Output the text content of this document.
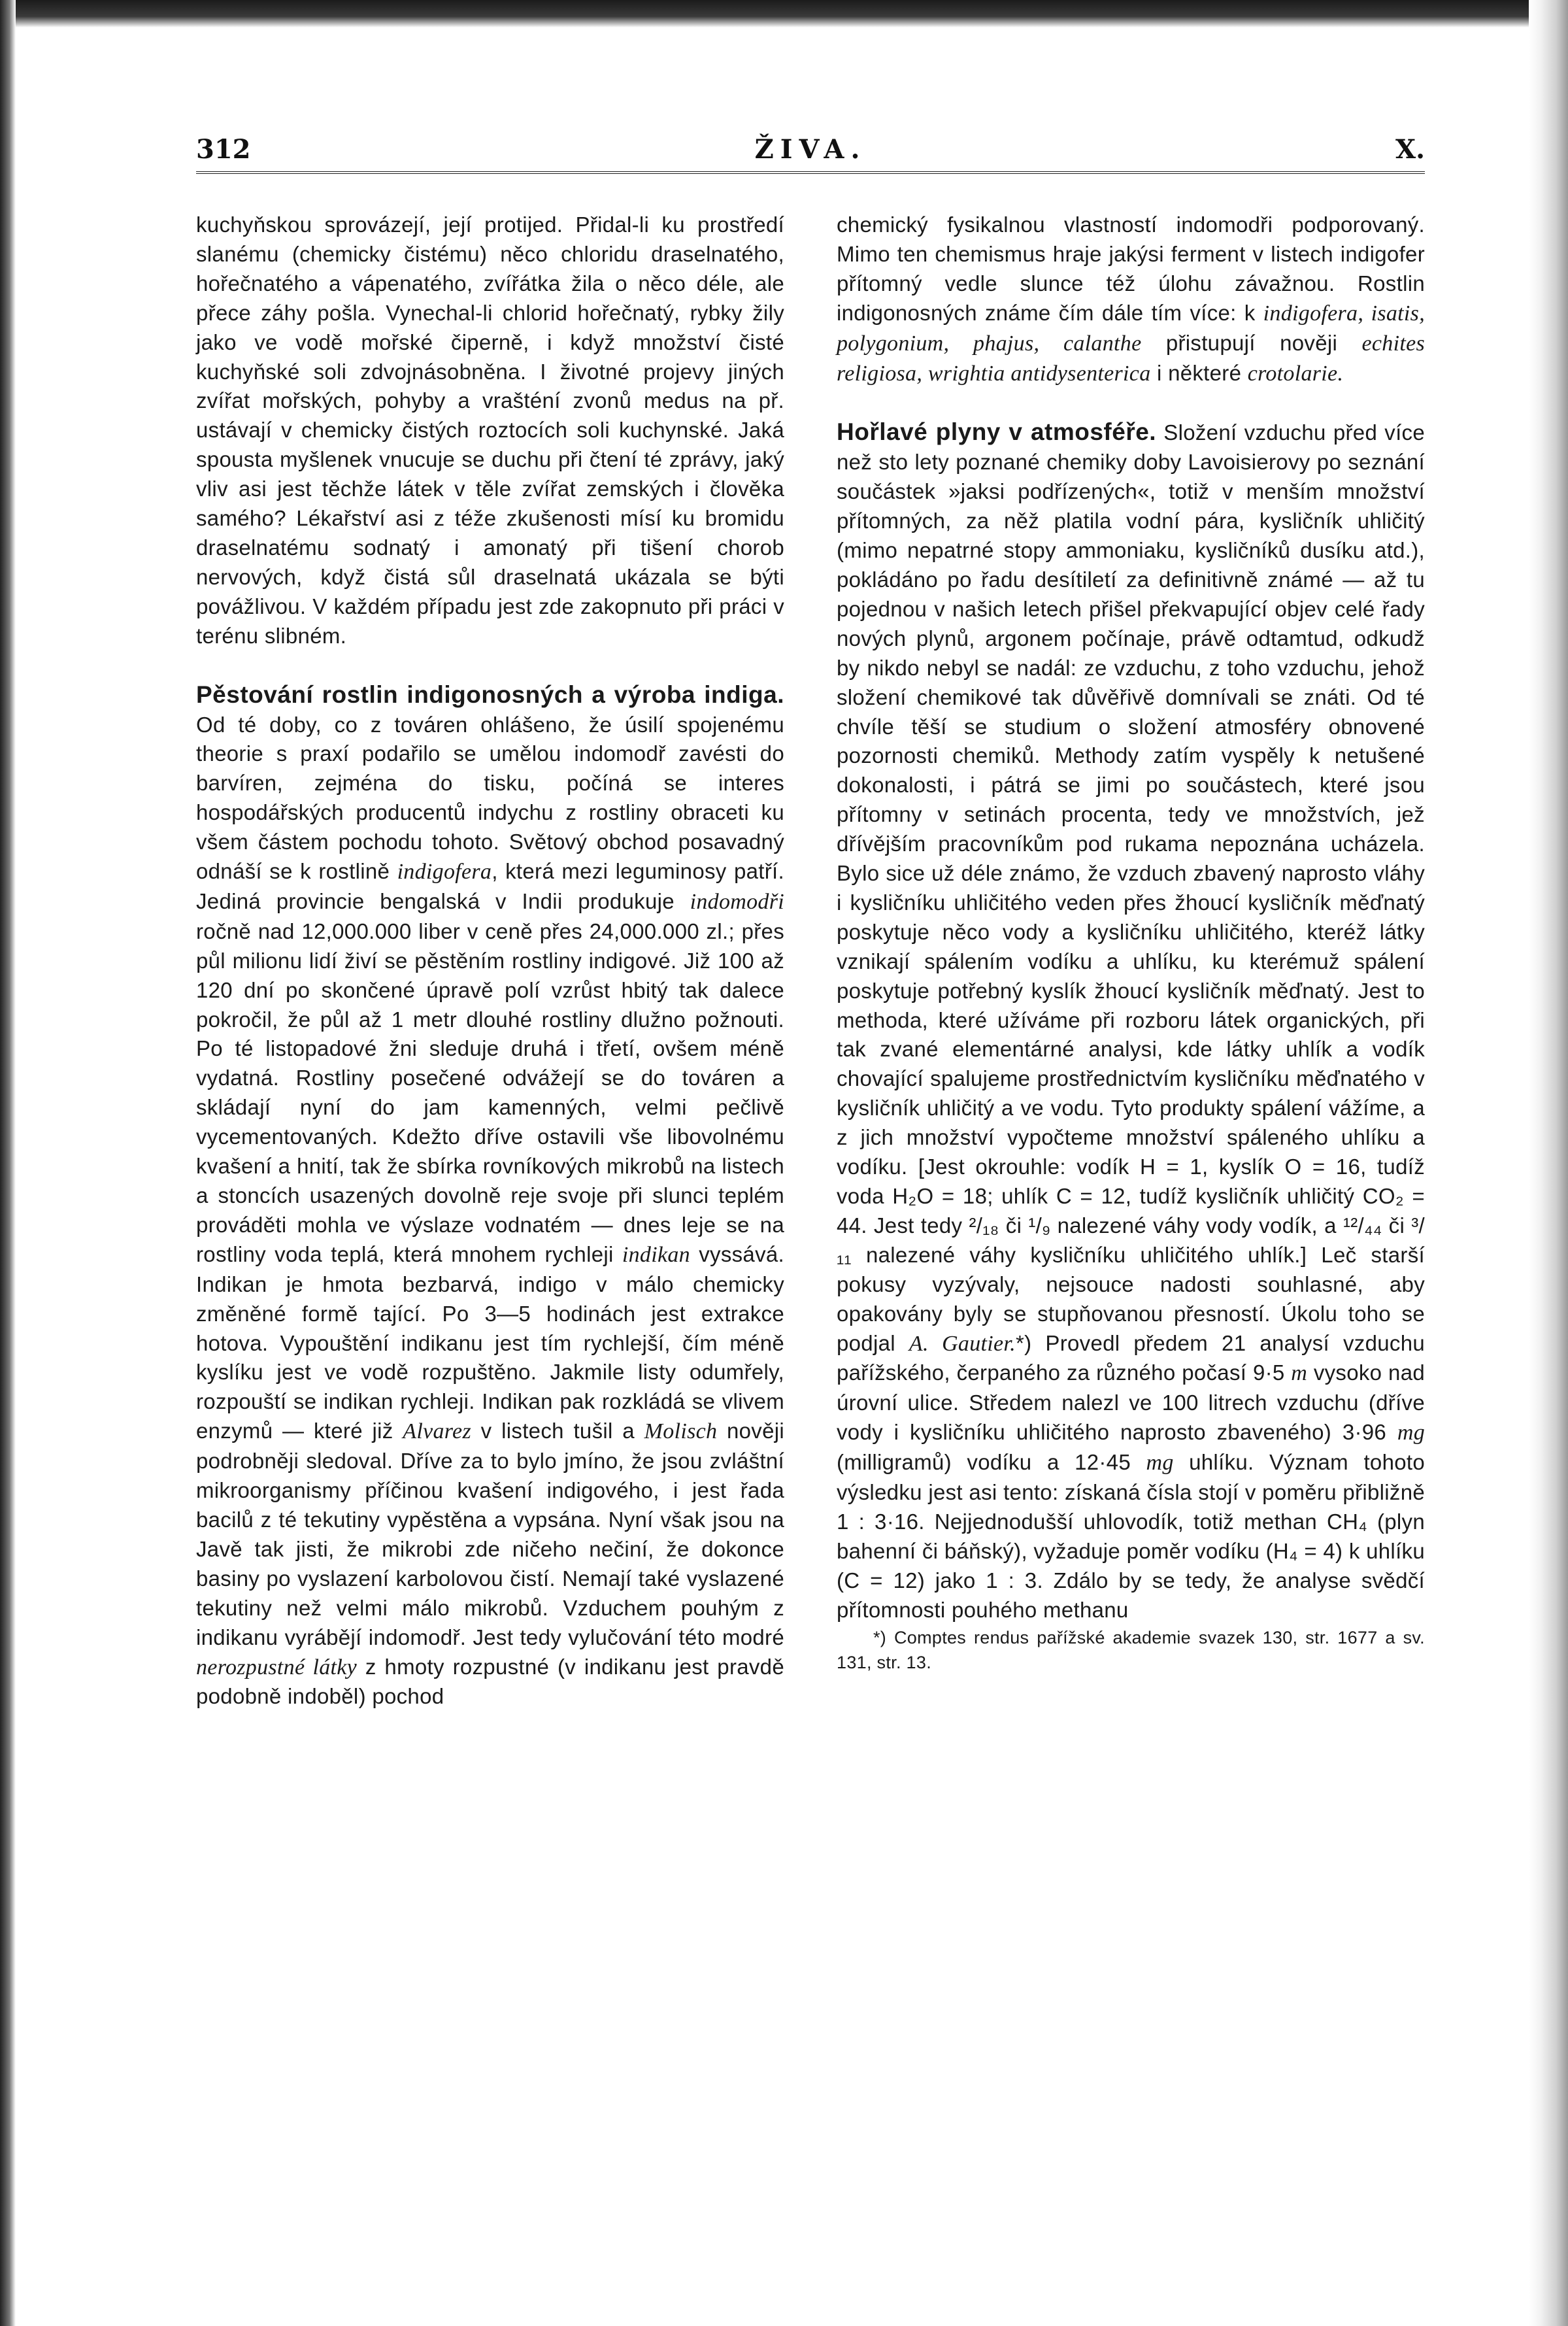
312	ŽIVA.	X.

kuchyňskou sprovázejí, její protijed. Přidal-li ku prostředí slanému (chemicky čistému) něco chloridu draselnatého, hořečnatého a vápenatého, zvířátka žila o něco déle, ale přece záhy pošla. Vynechal-li chlorid hořečnatý, rybky žily jako ve vodě mořské čiperně, i když množství čisté kuchyňské soli zdvojnásobněna. I životné projevy jiných zvířat mořských, pohyby a vrašténí zvonů medus na př. ustávají v chemicky čistých roztocích soli kuchynské. Jaká spousta myšlenek vnucuje se duchu při čtení té zprávy, jaký vliv asi jest těchže látek v těle zvířat zemských i člověka samého? Lékařství asi z téže zkušenosti mísí ku bromidu draselnatému sodnatý i amonatý při tišení chorob nervových, když čistá sůl draselnatá ukázala se býti povážlivou. V každém případu jest zde zakopnuto při práci v terénu slibném.

Pěstování rostlin indigonosných a výroba indiga. Od té doby, co z továren ohlášeno, že úsilí spojenému theorie s praxí podařilo se umělou indomodř zavésti do barvíren, zejména do tisku, počíná se interes hospodářských producentů indychu z rostliny obraceti ku všem částem pochodu tohoto. Světový obchod posavadný odnáší se k rostlině indigofera, která mezi leguminosy patří. Jediná provincie bengalská v Indii produkuje indomodři ročně nad 12,000.000 liber v ceně přes 24,000.000 zl.; přes půl milionu lidí živí se pěstěním rostliny indigové. Již 100 až 120 dní po skončené úpravě polí vzrůst hbitý tak dalece pokročil, že půl až 1 metr dlouhé rostliny dlužno požnouti. Po té listopadové žni sleduje druhá i třetí, ovšem méně vydatná. Rostliny posečené odvážejí se do továren a skládají nyní do jam kamenných, velmi pečlivě vycementovaných. Kdežto dříve ostavili vše libovolnému kvašení a hnití, tak že sbírka rovníkových mikrobů na listech a stoncích usazených dovolně reje svoje při slunci teplém prováděti mohla ve výslaze vodnatém — dnes leje se na rostliny voda teplá, která mnohem rychleji indikan vyssává. Indikan je hmota bezbarvá, indigo v málo chemicky změněné formě tající. Po 3—5 hodinách jest extrakce hotova. Vypouštění indikanu jest tím rychlejší, čím méně kyslíku jest ve vodě rozpuštěno. Jakmile listy odumřely, rozpouští se indikan rychleji. Indikan pak rozkládá se vlivem enzymů — které již Alvarez v listech tušil a Molisch nověji podrobněji sledoval. Dříve za to bylo jmíno, že jsou zvláštní mikroorganismy příčinou kvašení indigového, i jest řada bacilů z té tekutiny vypěstěna a vypsána. Nyní však jsou na Javě tak jisti, že mikrobi zde ničeho nečiní, že dokonce basiny po vyslazení karbolovou čistí. Nemají také vyslazené tekutiny než velmi málo mikrobů. Vzduchem pouhým z indikanu vyrábějí indomodř. Jest tedy vylučování této modré nerozpustné látky z hmoty rozpustné (v indikanu jest pravdě podobně indoběl) pochod

chemický fysikalnou vlastností indomodři podporovaný. Mimo ten chemismus hraje jakýsi ferment v listech indigofer přítomný vedle slunce též úlohu závažnou. Rostlin indigonosných známe čím dále tím více: k indigofera, isatis, polygonium, phajus, calanthe přistupují nověji echites religiosa, wrightia antidysenterica i některé crotolarie.

Hořlavé plyny v atmosféře. Složení vzduchu před více než sto lety poznané chemiky doby Lavoisierovy po seznání součástek »jaksi podřízených«, totiž v menším množství přítomných, za něž platila vodní pára, kysličník uhličitý (mimo nepatrné stopy ammoniaku, kysličníků dusíku atd.), pokládáno po řadu desítiletí za definitivně známé — až tu pojednou v našich letech přišel překvapující objev celé řady nových plynů, argonem počínaje, právě odtamtud, odkudž by nikdo nebyl se nadál: ze vzduchu, z toho vzduchu, jehož složení chemikové tak důvěřivě domnívali se znáti. Od té chvíle těší se studium o složení atmosféry obnovené pozornosti chemiků. Methody zatím vyspěly k netušené dokonalosti, i pátrá se jimi po součástech, které jsou přítomny v setinách procenta, tedy ve množstvích, jež dřívějším pracovníkům pod rukama nepoznána ucházela. Bylo sice už déle známo, že vzduch zbavený naprosto vláhy i kysličníku uhličitého veden přes žhoucí kysličník měďnatý poskytuje něco vody a kysličníku uhličitého, kteréž látky vznikají spálením vodíku a uhlíku, ku kterémuž spálení poskytuje potřebný kyslík žhoucí kysličník měďnatý. Jest to methoda, které užíváme při rozboru látek organických, při tak zvané elementárné analysi, kde látky uhlík a vodík chovající spalujeme prostřednictvím kysličníku měďnatého v kysličník uhličitý a ve vodu. Tyto produkty spálení vážíme, a z jich množství vypočteme množství spáleného uhlíku a vodíku. [Jest okrouhle: vodík H = 1, kyslík O = 16, tudíž voda H₂O = 18; uhlík C = 12, tudíž kysličník uhličitý CO₂ = 44. Jest tedy ²/₁₈ či ¹/₉ nalezené váhy vody vodík, a ¹²/₄₄ či ³/₁₁ nalezené váhy kysličníku uhličitého uhlík.] Leč starší pokusy vyzývaly, nejsouce nadosti souhlasné, aby opakovány byly se stupňovanou přesností. Úkolu toho se podjal A. Gautier.*) Provedl předem 21 analysí vzduchu pařížského, čerpaného za různého počasí 9·5 m vysoko nad úrovní ulice. Středem nalezl ve 100 litrech vzduchu (dříve vody i kysličníku uhličitého naprosto zbaveného) 3·96 mg (milligramů) vodíku a 12·45 mg uhlíku. Význam tohoto výsledku jest asi tento: získaná čísla stojí v poměru přibližně 1 : 3·16. Nejjednodušší uhlovodík, totiž methan CH₄ (plyn bahenní či báňský), vyžaduje poměr vodíku (H₄ = 4) k uhlíku (C = 12) jako 1 : 3. Zdálo by se tedy, že analyse svědčí přítomnosti pouhého methanu

*) Comptes rendus pařížské akademie svazek 130, str. 1677 a sv. 131, str. 13.
